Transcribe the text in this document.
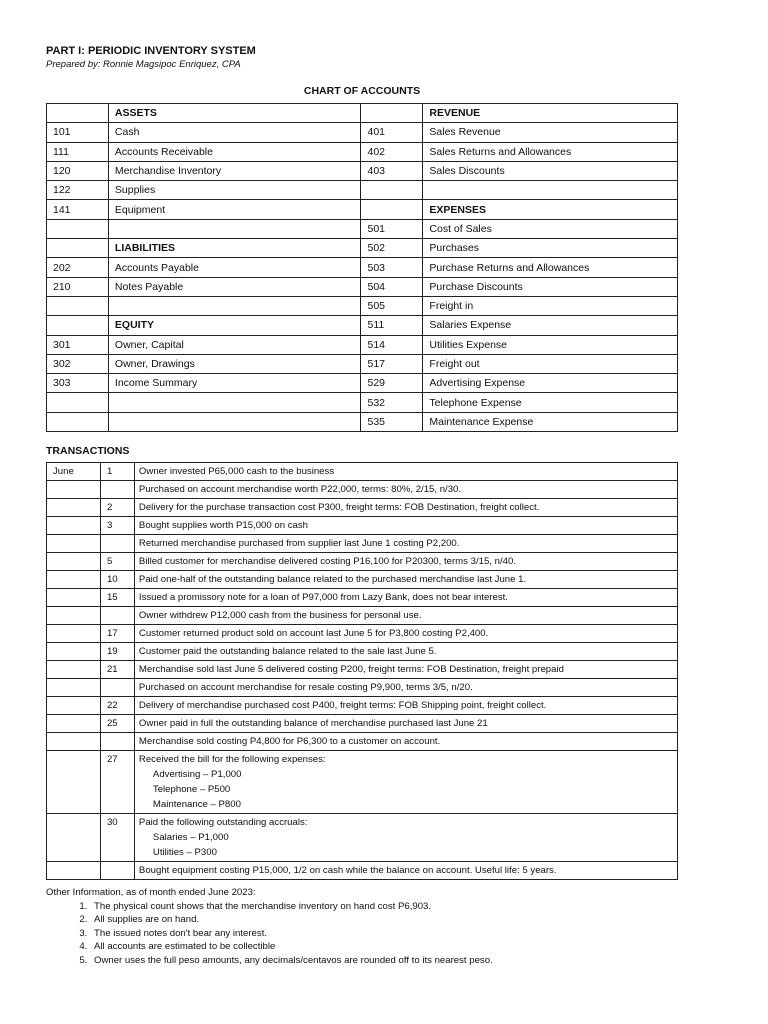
PART I: PERIODIC INVENTORY SYSTEM

Prepared by: Ronnie Magsipoc Enriquez, CPA

CHART OF ACCOUNTS
	ASSETS		REVENUE
101	Cash	401	Sales Revenue
111	Accounts Receivable	402	Sales Returns and Allowances
120	Merchandise Inventory	403	Sales Discounts
122	Supplies		
141	Equipment		EXPENSES
		501	Cost of Sales
	LIABILITIES	502	Purchases
202	Accounts Payable	503	Purchase Returns and Allowances
210	Notes Payable	504	Purchase Discounts
		505	Freight in
	EQUITY	511	Salaries Expense
301	Owner, Capital	514	Utilities Expense
302	Owner, Drawings	517	Freight out
303	Income Summary	529	Advertising Expense
		532	Telephone Expense
		535	Maintenance Expense
TRANSACTIONS
June	1	Owner invested P65,000 cash to the business

		Purchased on account merchandise worth P22,000, terms: 80%, 2/15, n/30.

	2	Delivery for the purchase transaction cost P300, freight terms: FOB Destination, freight collect.

	3	Bought supplies worth P15,000 on cash

		Returned merchandise purchased from supplier last June 1 costing P2,200.

	5	Billed customer for merchandise delivered costing P16,100 for P20300, terms 3/15, n/40.

	10	Paid one-half of the outstanding balance related to the purchased merchandise last June 1.

	15	Issued a promissory note for a loan of P97,000 from Lazy Bank, does not bear interest.

		Owner withdrew P12,000 cash from the business for personal use.

	17	Customer returned product sold on account last June 5 for P3,800 costing P2,400.

	19	Customer paid the outstanding balance related to the sale last June 5.

	21	Merchandise sold last June 5 delivered costing P200, freight terms: FOB Destination, freight prepaid

		Purchased on account merchandise for resale costing P9,900, terms 3/5, n/20.

	22	Delivery of merchandise purchased cost P400, freight terms: FOB Shipping point, freight collect.

	25	Owner paid in full the outstanding balance of merchandise purchased last June 21

		Merchandise sold costing P4,800 for P6,300 to a customer on account.

	27	Received the bill for the following expenses:
Advertising – P1,000
Telephone – P500
Maintenance – P800

	30	Paid the following outstanding accruals:
Salaries – P1,000
Utilities – P300

		Bought equipment costing P15,000, 1/2 on cash while the balance on account. Useful life: 5 years.
Other Information, as of month ended June 2023:
1. The physical count shows that the merchandise inventory on hand cost P6,903.
2. All supplies are on hand.
3. The issued notes don't bear any interest.
4. All accounts are estimated to be collectible
5. Owner uses the full peso amounts, any decimals/centavos are rounded off to its nearest peso.
